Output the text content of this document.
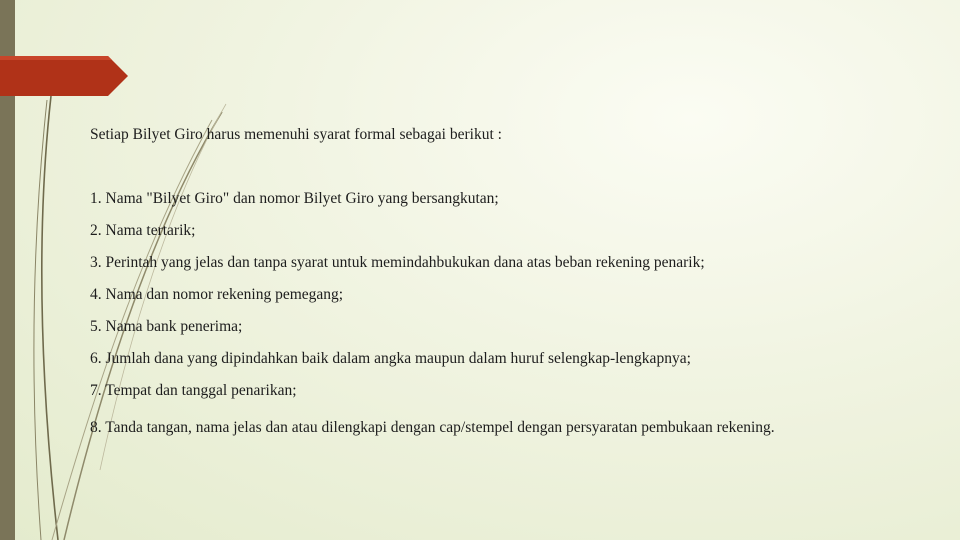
Setiap Bilyet Giro harus memenuhi syarat formal sebagai berikut :

1. Nama "Bilyet Giro" dan nomor Bilyet Giro yang bersangkutan;

2. Nama tertarik;

3. Perintah yang jelas dan tanpa syarat untuk memindahbukukan dana atas beban rekening penarik;

4. Nama dan nomor rekening pemegang;

5. Nama bank penerima;

6. Jumlah dana yang dipindahkan baik dalam angka maupun dalam huruf selengkap-lengkapnya;

7. Tempat dan tanggal penarikan;

8. Tanda tangan, nama jelas dan atau dilengkapi dengan cap/stempel dengan persyaratan pembukaan rekening.
